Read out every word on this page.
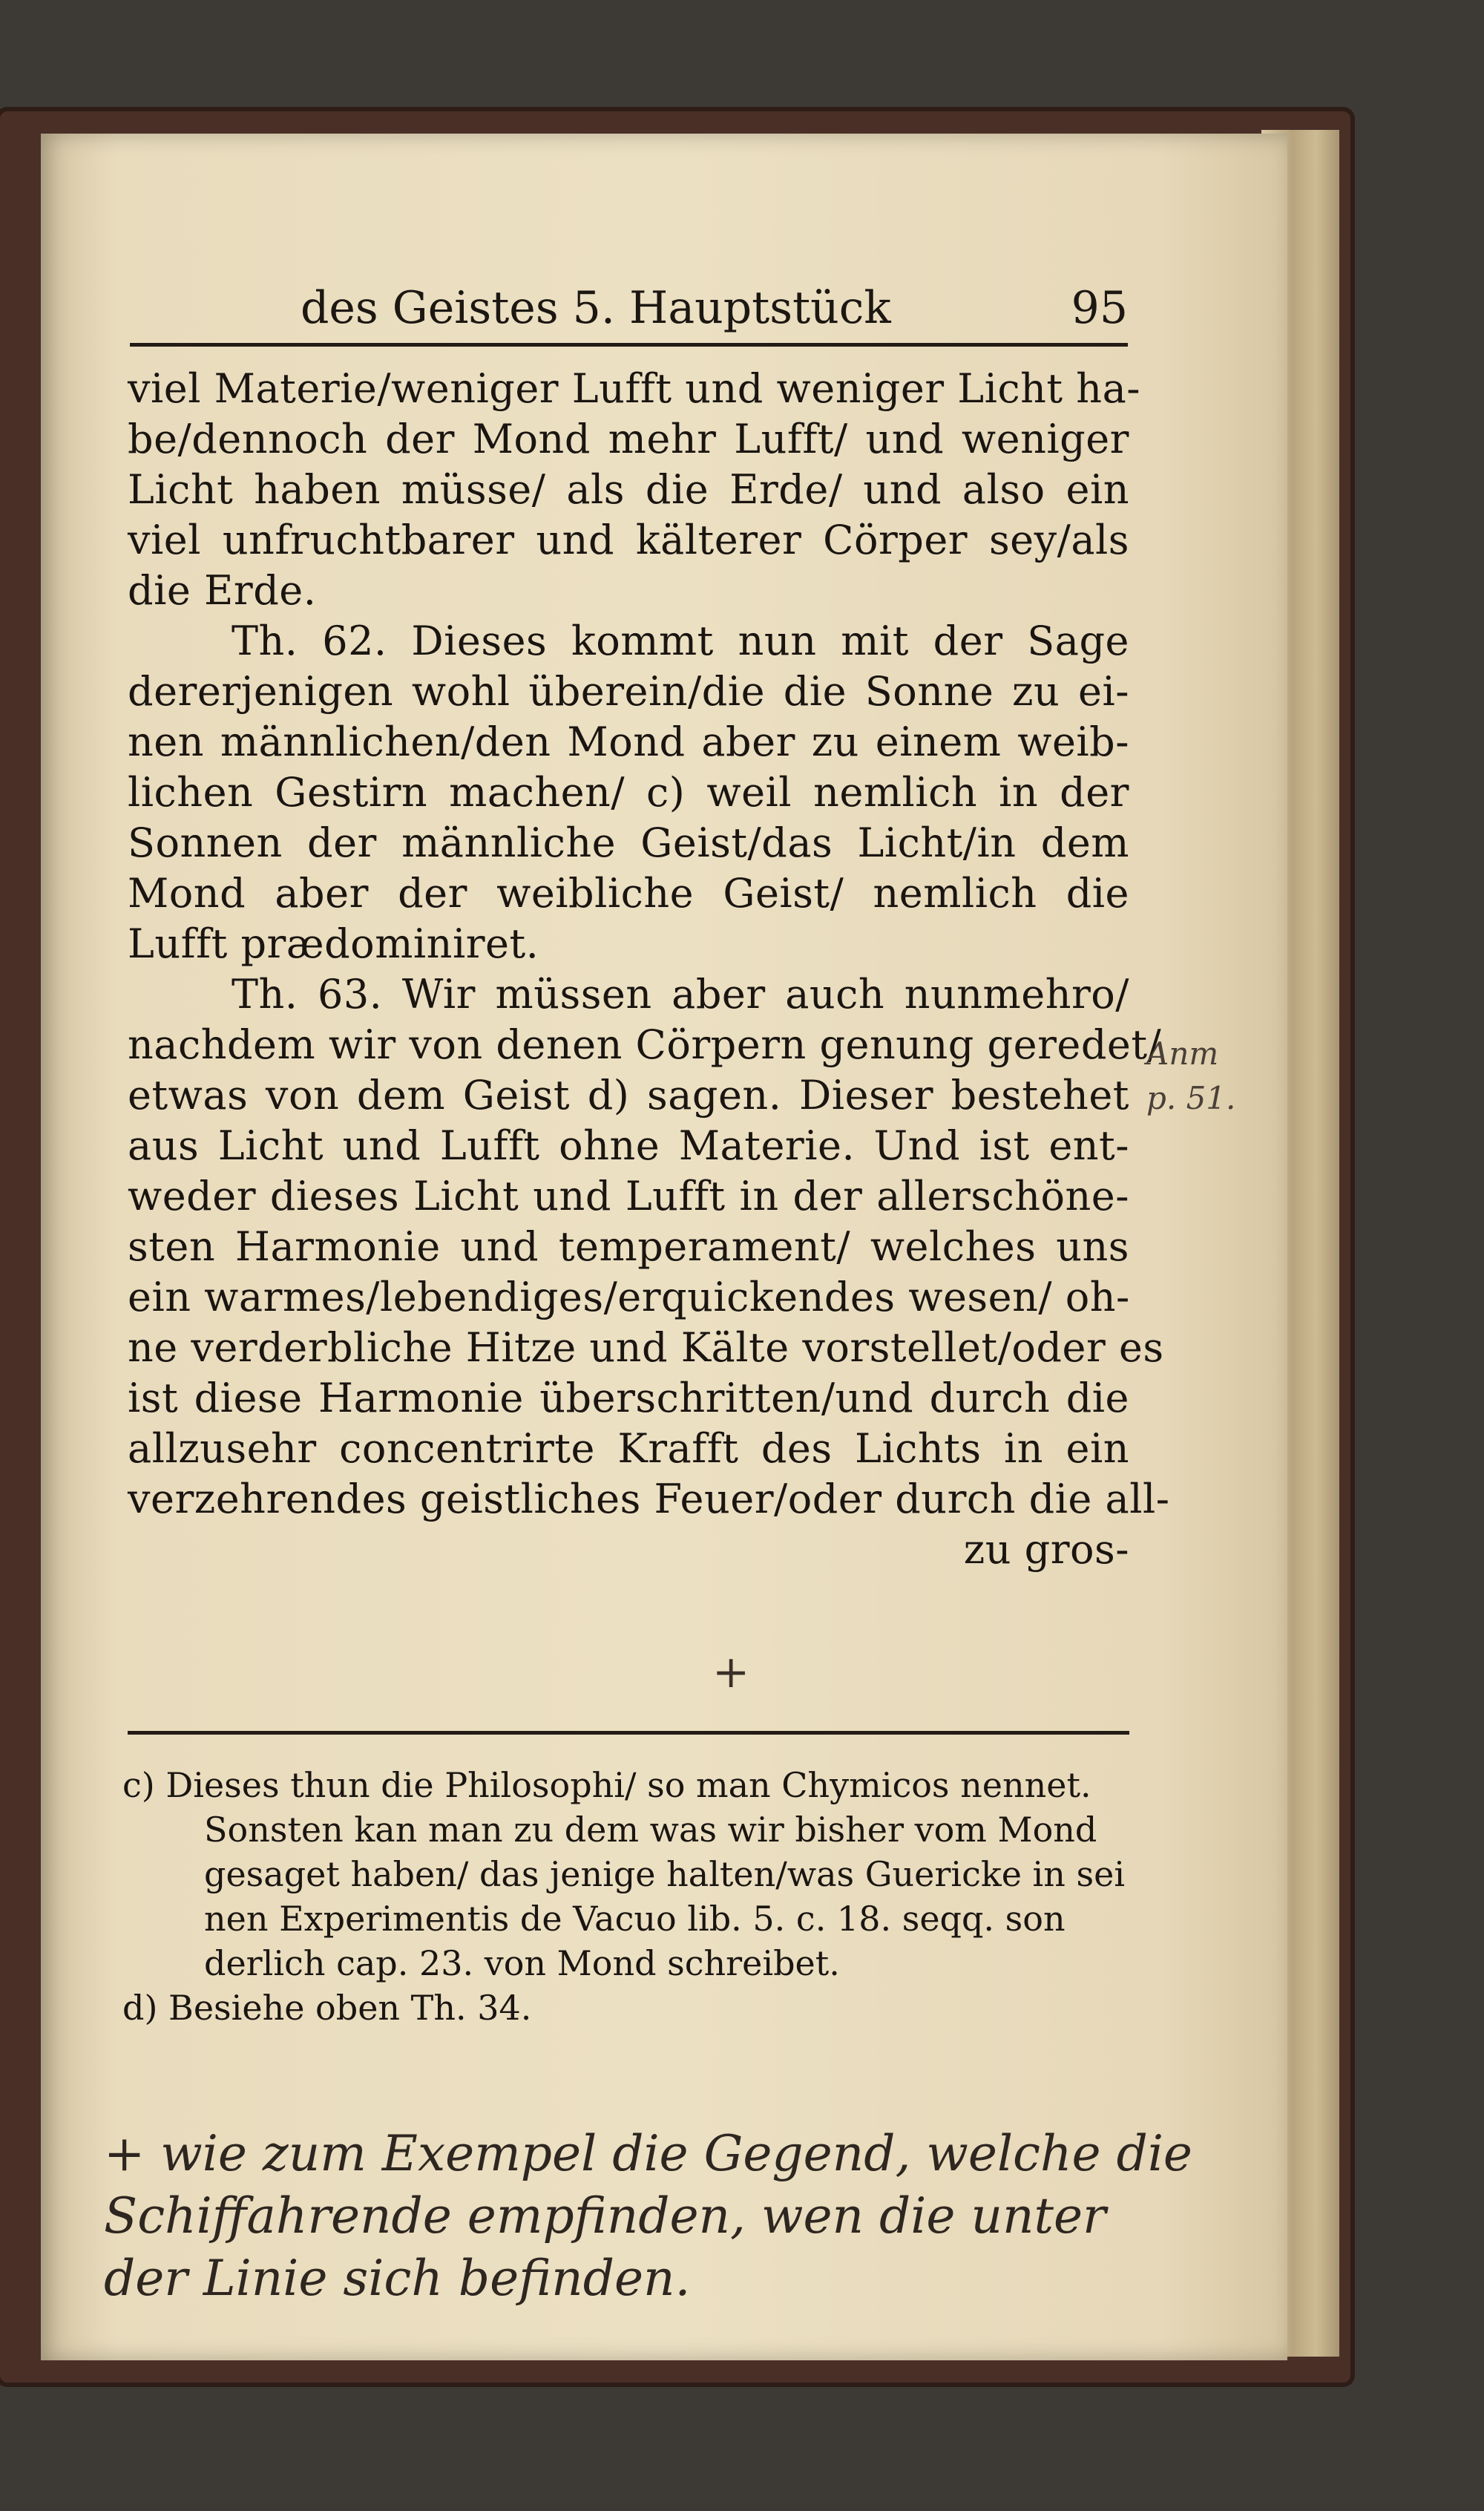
des Geistes 5. Hauptstück	95
viel Materie/weniger Lufft und weniger Licht ha-
be/dennoch der Mond mehr Lufft/ und weniger
Licht haben müsse/ als die Erde/ und also ein
viel unfruchtbarer und kälterer Cörper sey/als
die Erde.
Th. 62. Dieses kommt nun mit der Sage
dererjenigen wohl überein/die die Sonne zu ei-
nen männlichen/den Mond aber zu einem weib-
lichen Gestirn machen/ c) weil nemlich in der
Sonnen der männliche Geist/das Licht/in dem
Mond aber der weibliche Geist/ nemlich die
Lufft prædominiret.
Th. 63. Wir müssen aber auch nunmehro/
nachdem wir von denen Cörpern genung geredet/
etwas von dem Geist d) sagen. Dieser bestehet
aus Licht und Lufft ohne Materie. Und ist ent-
weder dieses Licht und Lufft in der allerschöne-
sten Harmonie und temperament/ welches uns
ein warmes/lebendiges/erquickendes wesen/ oh-
ne verderbliche Hitze und Kälte vorstellet/oder es
ist diese Harmonie überschritten/und durch die
allzusehr concentrirte Krafft des Lichts in ein
verzehrendes geistliches Feuer/oder durch die all-
zu gros-
+
Anm
p. 51.
c) Dieses thun die Philosophi/ so man Chymicos nennet.
Sonsten kan man zu dem was wir bisher vom Mond
gesaget haben/ das jenige halten/was Guericke in sei
nen Experimentis de Vacuo lib. 5. c. 18. seqq. son
derlich cap. 23. von Mond schreibet.
d) Besiehe oben Th. 34.
+ wie zum Exempel die Gegend, welche die
Schiffahrende empfinden, wen die unter
der Linie sich befinden.
